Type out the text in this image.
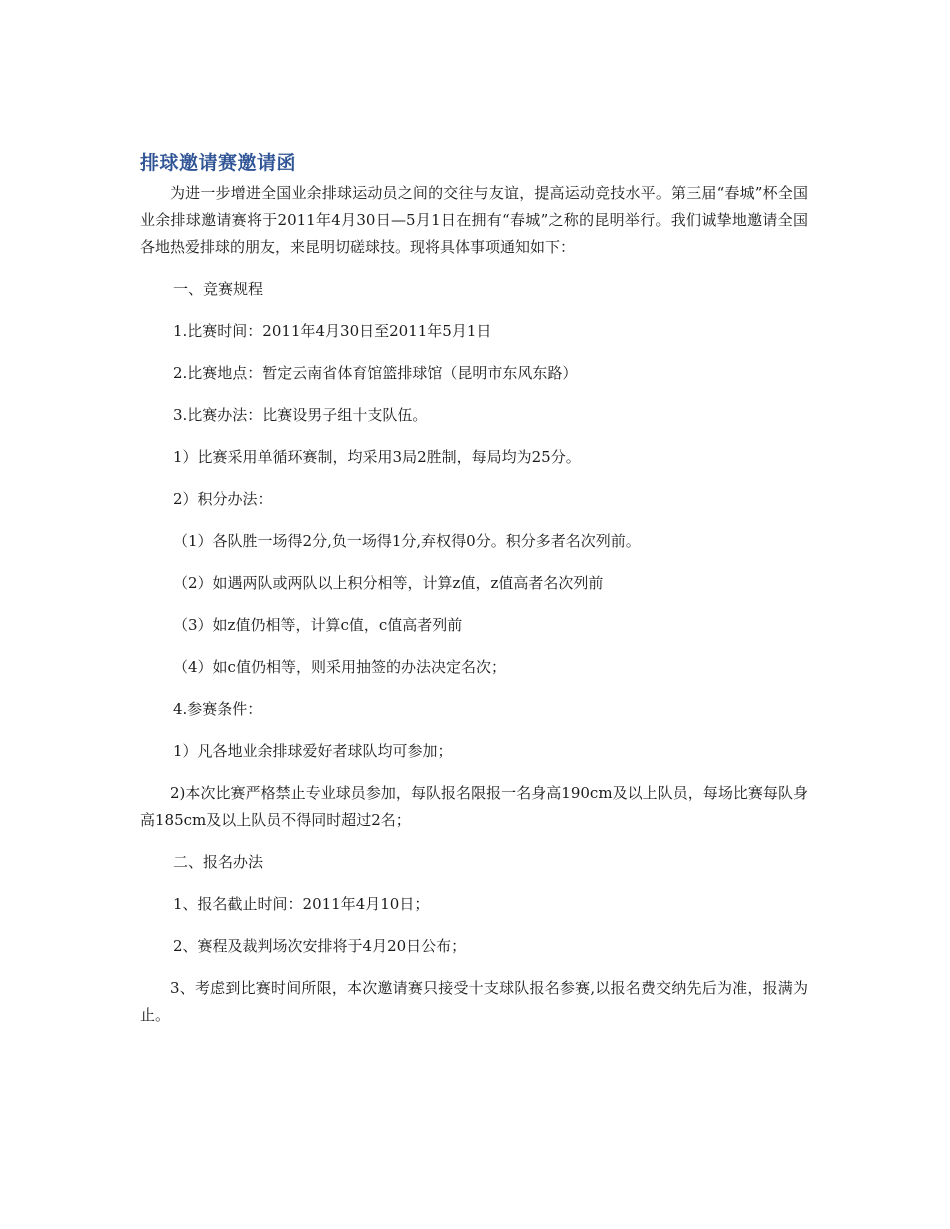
排球邀请赛邀请函

为进一步增进全国业余排球运动员之间的交往与友谊，提高运动竞技水平。第三届“春城”杯全国业余排球邀请赛将于2011年4月30日—5月1日在拥有“春城”之称的昆明举行。我们诚挚地邀请全国各地热爱排球的朋友，来昆明切磋球技。现将具体事项通知如下：

一、竞赛规程

1.比赛时间：2011年4月30日至2011年5月1日

2.比赛地点：暂定云南省体育馆篮排球馆（昆明市东风东路）

3.比赛办法：比赛设男子组十支队伍。

1）比赛采用单循环赛制，均采用3局2胜制，每局均为25分。

2）积分办法：

（1）各队胜一场得2分,负一场得1分,弃权得0分。积分多者名次列前。

（2）如遇两队或两队以上积分相等，计算z值，z值高者名次列前

（3）如z值仍相等，计算c值，c值高者列前

（4）如c值仍相等，则采用抽签的办法决定名次；

4.参赛条件：

1）凡各地业余排球爱好者球队均可参加；

2)本次比赛严格禁止专业球员参加，每队报名限报一名身高190cm及以上队员，每场比赛每队身高185cm及以上队员不得同时超过2名；

二、报名办法

1、报名截止时间：2011年4月10日；

2、赛程及裁判场次安排将于4月20日公布；

3、考虑到比赛时间所限，本次邀请赛只接受十支球队报名参赛,以报名费交纳先后为准，报满为止。
